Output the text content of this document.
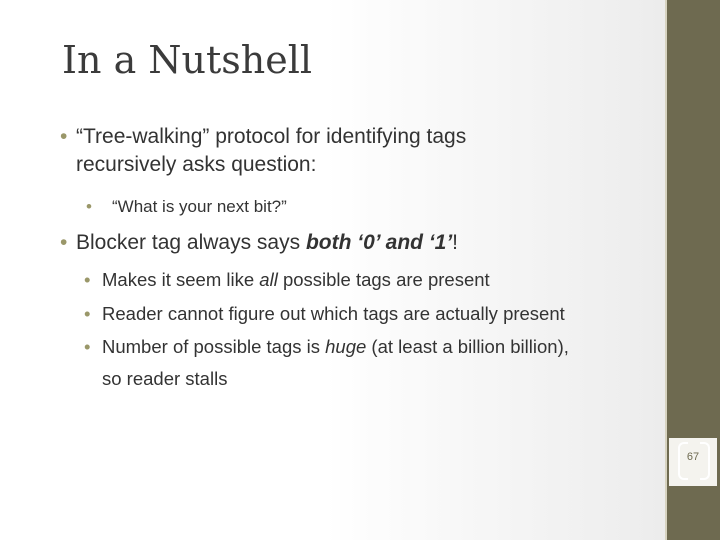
In a Nutshell
• “Tree-walking” protocol for identifying tags
recursively asks question:
• “What is your next bit?”
• Blocker tag always says both ‘0’ and ‘1’!
• Makes it seem like all possible tags are present
• Reader cannot figure out which tags are actually present
• Number of possible tags is huge (at least a billion billion),
so reader stalls
67
